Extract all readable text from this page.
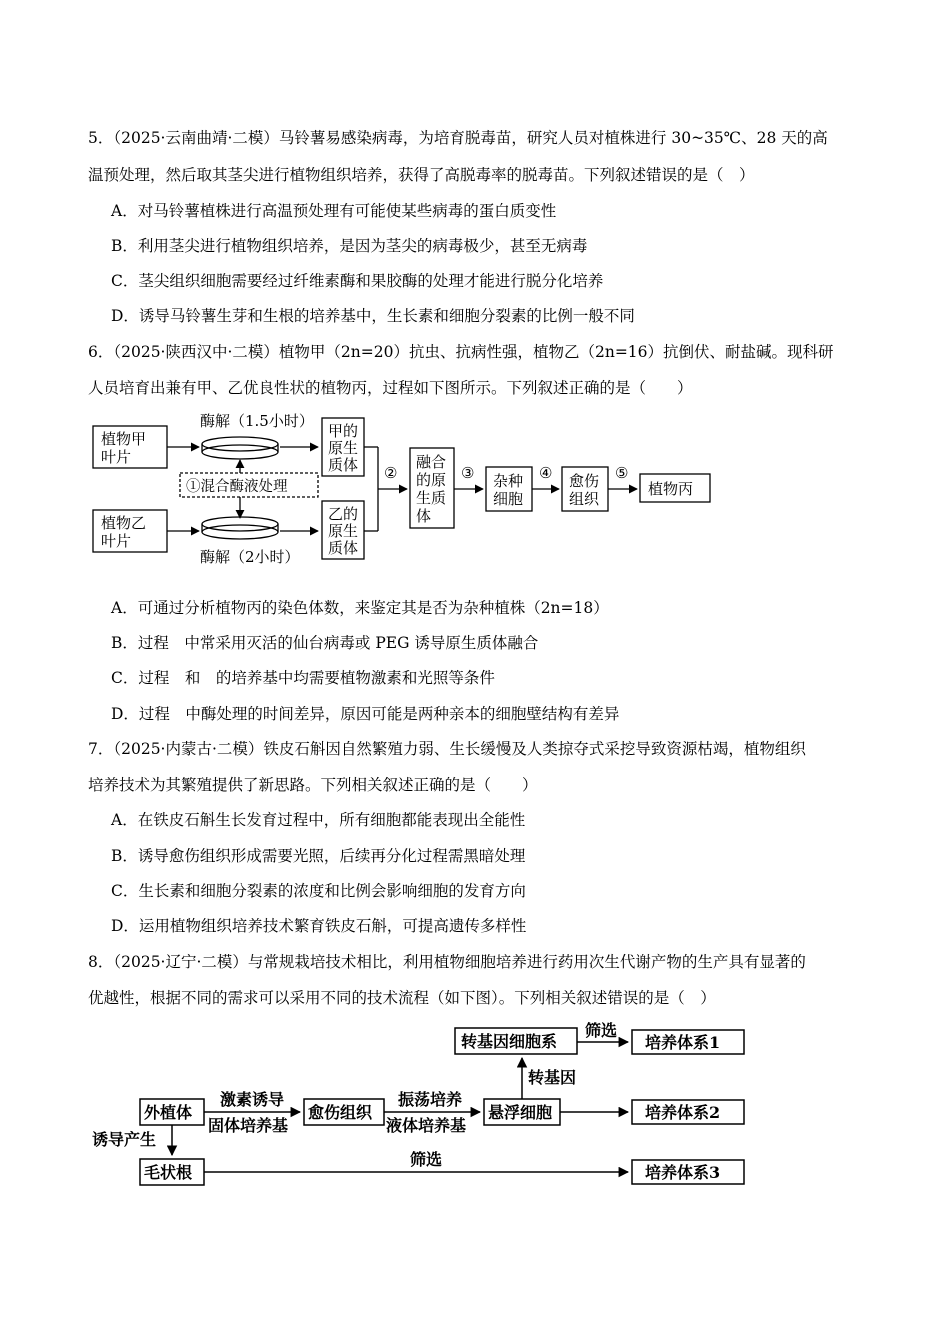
5．（2025·云南曲靖·二模）马铃薯易感染病毒，为培育脱毒苗，研究人员对植株进行 30~35℃、28 天的高
温预处理，然后取其茎尖进行植物组织培养，获得了高脱毒率的脱毒苗。下列叙述错误的是（　）
A．对马铃薯植株进行高温预处理有可能使某些病毒的蛋白质变性
B．利用茎尖进行植物组织培养，是因为茎尖的病毒极少，甚至无病毒
C．茎尖组织细胞需要经过纤维素酶和果胶酶的处理才能进行脱分化培养
D．诱导马铃薯生芽和生根的培养基中，生长素和细胞分裂素的比例一般不同
6．（2025·陕西汉中·二模）植物甲（2n=20）抗虫、抗病性强，植物乙（2n=16）抗倒伏、耐盐碱。现科研
人员培育出兼有甲、乙优良性状的植物丙，过程如下图所示。下列叙述正确的是（　　）
植物甲
叶片
植物乙
叶片
酶解（1.5小时）
酶解（2小时）
①混合酶液处理
甲的
原生
质体
乙的
原生
质体
②
融合
的原
生质
体
③ 杂种
细胞
④ 愈伤
组织
⑤
植物丙
A．可通过分析植物丙的染色体数，来鉴定其是否为杂种植株（2n=18）
B．过程　中常采用灭活的仙台病毒或 PEG 诱导原生质体融合
C．过程　和　的培养基中均需要植物激素和光照等条件
D．过程　中酶处理的时间差异，原因可能是两种亲本的细胞壁结构有差异
7．（2025·内蒙古·二模）铁皮石斛因自然繁殖力弱、生长缓慢及人类掠夺式采挖导致资源枯竭，植物组织
培养技术为其繁殖提供了新思路。下列相关叙述正确的是（　　）
A．在铁皮石斛生长发育过程中，所有细胞都能表现出全能性
B．诱导愈伤组织形成需要光照，后续再分化过程需黑暗处理
C．生长素和细胞分裂素的浓度和比例会影响细胞的发育方向
D．运用植物组织培养技术繁育铁皮石斛，可提高遗传多样性
8．（2025·辽宁·二模）与常规栽培技术相比，利用植物细胞培养进行药用次生代谢产物的生产具有显著的
优越性，根据不同的需求可以采用不同的技术流程（如下图）。下列相关叙述错误的是（　）
转基因细胞系
筛选
培养体系1
转基因
外植体
激素诱导
固体培养基
愈伤组织
振荡培养
液体培养基
悬浮细胞	培养体系2
诱导产生
毛状根
筛选
培养体系3
